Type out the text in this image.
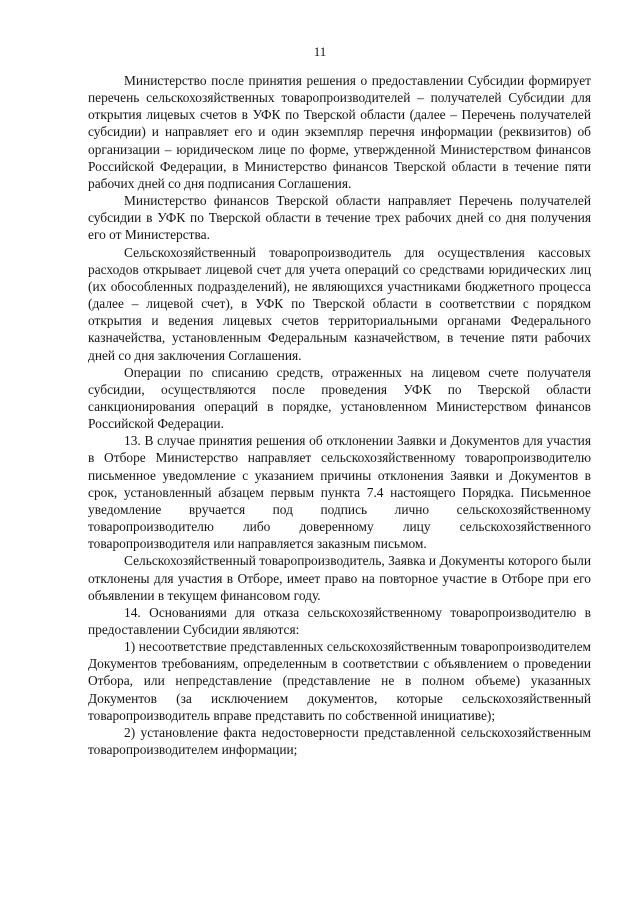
11

Министерство после принятия решения о предоставлении Субсидии формирует перечень сельскохозяйственных товаропроизводителей – получателей Субсидии для открытия лицевых счетов в УФК по Тверской области (далее – Перечень получателей субсидии) и направляет его и один экземпляр перечня информации (реквизитов) об организации – юридическом лице по форме, утвержденной Министерством финансов Российской Федерации, в Министерство финансов Тверской области в течение пяти рабочих дней со дня подписания Соглашения.

Министерство финансов Тверской области направляет Перечень получателей субсидии в УФК по Тверской области в течение трех рабочих дней со дня получения его от Министерства.

Сельскохозяйственный товаропроизводитель для осуществления кассовых расходов открывает лицевой счет для учета операций со средствами юридических лиц (их обособленных подразделений), не являющихся участниками бюджетного процесса (далее – лицевой счет), в УФК по Тверской области в соответствии с порядком открытия и ведения лицевых счетов территориальными органами Федерального казначейства, установленным Федеральным казначейством, в течение пяти рабочих дней со дня заключения Соглашения.

Операции по списанию средств, отраженных на лицевом счете получателя субсидии, осуществляются после проведения УФК по Тверской области санкционирования операций в порядке, установленном Министерством финансов Российской Федерации.

13. В случае принятия решения об отклонении Заявки и Документов для участия в Отборе Министерство направляет сельскохозяйственному товаропроизводителю письменное уведомление с указанием причины отклонения Заявки и Документов в срок, установленный абзацем первым пункта 7.4 настоящего Порядка. Письменное уведомление вручается под подпись лично сельскохозяйственному товаропроизводителю либо доверенному лицу сельскохозяйственного товаропроизводителя или направляется заказным письмом.

Сельскохозяйственный товаропроизводитель, Заявка и Документы которого были отклонены для участия в Отборе, имеет право на повторное участие в Отборе при его объявлении в текущем финансовом году.

14. Основаниями для отказа сельскохозяйственному товаропроизводителю в предоставлении Субсидии являются:

1) несоответствие представленных сельскохозяйственным товаропроизводителем Документов требованиям, определенным в соответствии с объявлением о проведении Отбора, или непредставление (представление не в полном объеме) указанных Документов (за исключением документов, которые сельскохозяйственный товаропроизводитель вправе представить по собственной инициативе);

2) установление факта недостоверности представленной сельскохозяйственным товаропроизводителем информации;
